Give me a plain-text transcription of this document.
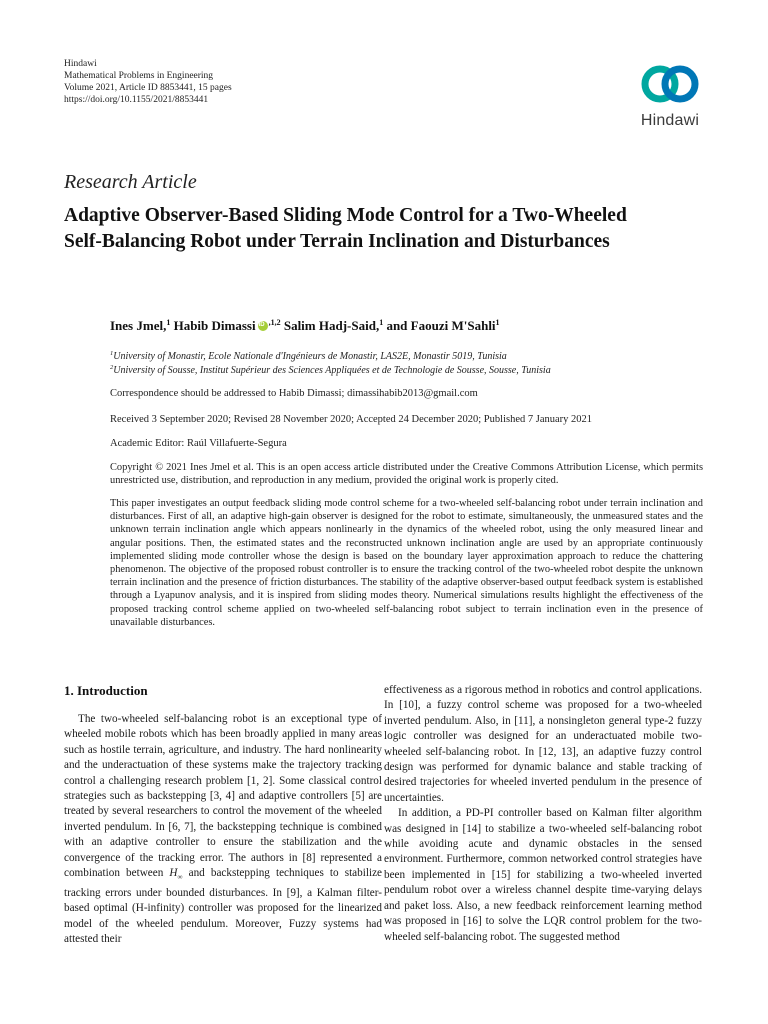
Hindawi
Mathematical Problems in Engineering
Volume 2021, Article ID 8853441, 15 pages
https://doi.org/10.1155/2021/8853441
Hindawi
Research Article
Adaptive Observer-Based Sliding Mode Control for a Two-Wheeled Self-Balancing Robot under Terrain Inclination and Disturbances
Ines Jmel,$^1$ Habib DimassiiD $^{,1,2}$ Salim Hadj-Said,$^1$ and Faouzi M'Sahli$^1$
$^1$University of Monastir, Ecole Nationale d'Ingénieurs de Monastir, LAS2E, Monastir 5019, Tunisia
$^2$University of Sousse, Institut Supérieur des Sciences Appliquées et de Technologie de Sousse, Sousse, Tunisia
Correspondence should be addressed to Habib Dimassi; dimassihabib2013@gmail.com
Received 3 September 2020; Revised 28 November 2020; Accepted 24 December 2020; Published 7 January 2021
Academic Editor: Raúl Villafuerte-Segura
Copyright © 2021 Ines Jmel et al. This is an open access article distributed under the Creative Commons Attribution License, which permits unrestricted use, distribution, and reproduction in any medium, provided the original work is properly cited.
This paper investigates an output feedback sliding mode control scheme for a two-wheeled self-balancing robot under terrain inclination and disturbances. First of all, an adaptive high-gain observer is designed for the robot to estimate, simultaneously, the unmeasured states and the unknown terrain inclination angle which appears nonlinearly in the dynamics of the wheeled robot, using the only measured linear and angular positions. Then, the estimated states and the reconstructed unknown inclination angle are used by an appropriate continuously implemented sliding mode controller whose the design is based on the boundary layer approximation approach to reduce the chattering phenomenon. The objective of the proposed robust controller is to ensure the tracking control of the two-wheeled robot despite the unknown terrain inclination and the presence of friction disturbances. The stability of the adaptive observer-based output feedback system is established through a Lyapunov analysis, and it is inspired from sliding modes theory. Numerical simulations results highlight the effectiveness of the proposed tracking control scheme applied on two-wheeled self-balancing robot subject to terrain inclination even in the presence of unavailable disturbances.
1. Introduction

The two-wheeled self-balancing robot is an exceptional type of wheeled mobile robots which has been broadly applied in many areas such as hostile terrain, agriculture, and industry. The hard nonlinearity and the underactuation of these systems make the trajectory tracking control a challenging research problem [1, 2]. Some classical control strategies such as backstepping [3, 4] and adaptive controllers [5] are treated by several researchers to control the movement of the wheeled inverted pendulum. In [6, 7], the backstepping technique is combined with an adaptive controller to ensure the stabilization and the convergence of the tracking error. The authors in [8] represented a combination between $H_\infty$ and backstepping techniques to stabilize tracking errors under bounded disturbances. In [9], a Kalman filter-based optimal (H-infinity) controller was proposed for the linearized model of the wheeled pendulum. Moreover, Fuzzy systems had attested their

effectiveness as a rigorous method in robotics and control applications. In [10], a fuzzy control scheme was proposed for a two-wheeled inverted pendulum. Also, in [11], a nonsingleton general type-2 fuzzy logic controller was designed for an underactuated mobile two-wheeled self-balancing robot. In [12, 13], an adaptive fuzzy control design was performed for dynamic balance and stable tracking of desired trajectories for wheeled inverted pendulum in the presence of uncertainties.

In addition, a PD-PI controller based on Kalman filter algorithm was designed in [14] to stabilize a two-wheeled self-balancing robot while avoiding acute and dynamic obstacles in the sensed environment. Furthermore, common networked control strategies have been implemented in [15] for stabilizing a two-wheeled inverted pendulum robot over a wireless channel despite time-varying delays and paket loss. Also, a new feedback reinforcement learning method was proposed in [16] to solve the LQR control problem for the two-wheeled self-balancing robot. The suggested method
